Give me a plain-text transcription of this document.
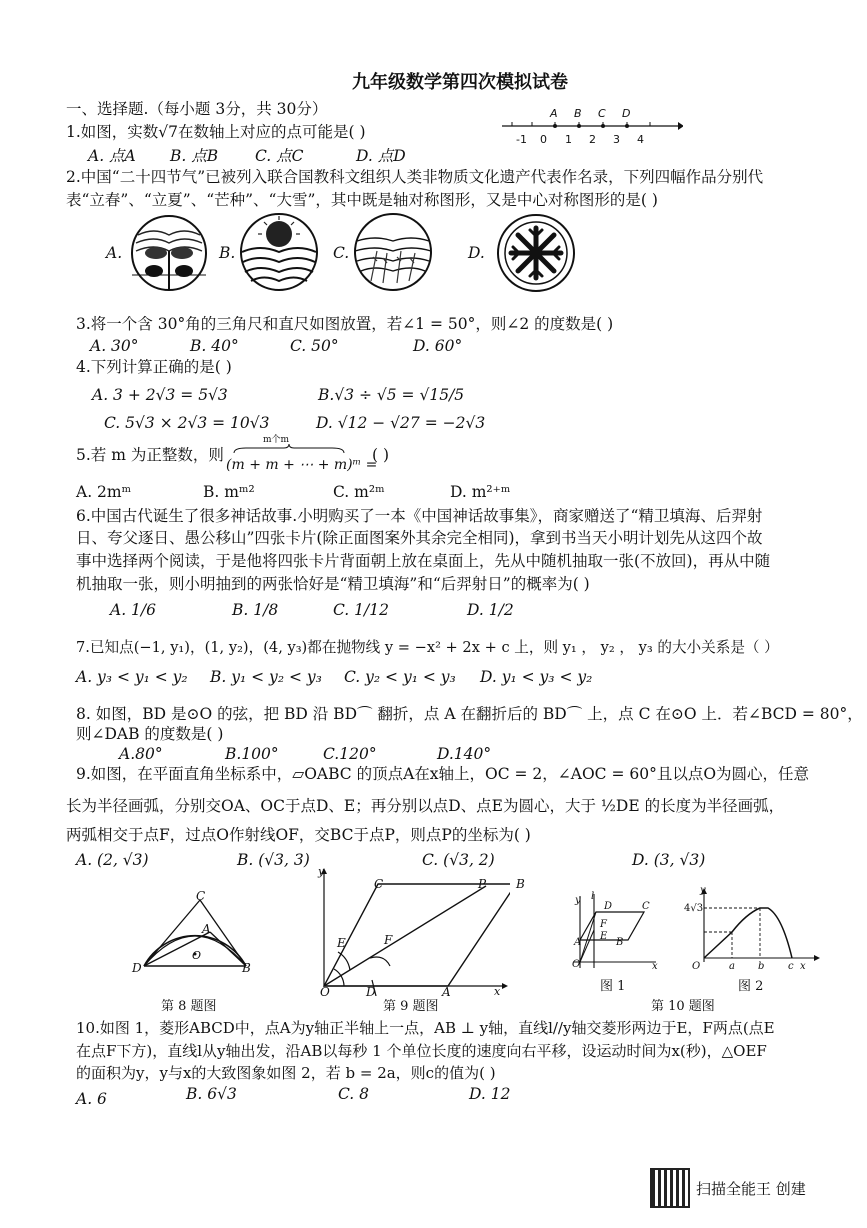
九年级数学第四次模拟试卷
一、选择题.（每小题 3分，共 30分）	A B C D
-1 0 1 2 3 4
1.如图，实数√7在数轴上对应的点可能是( )
A. 点A B. 点B C. 点C	D. 点D
2.中国“二十四节气”已被列入联合国教科文组织人类非物质文化遗产代表作名录，下列四幅作品分别代
表“立春”、“立夏”、“芒种”、“大雪”，其中既是轴对称图形，又是中心对称图形的是( )
A.	B.	C.	D.
3.将一个含 30°角的三角尺和直尺如图放置，若∠1 = 50°，则∠2 的度数是( )
A. 30°	B. 40°	C. 50°	D. 60°
4.下列计算正确的是( )
A. 3 + 2√3 = 5√3	B.√3 ÷ √5 = √15/5
C. 5√3 × 2√3 = 10√3	D. √12 − √27 = −2√3
5.若 m 为正整数，则
m个m
(m + m + ⋯ + m)ᵐ =
( )
A. 2mᵐ	B. mᵐ²	C. m²ᵐ	D. m²⁺ᵐ
6.中国古代诞生了很多神话故事.小明购买了一本《中国神话故事集》，商家赠送了“精卫填海、后羿射
日、夸父逐日、愚公移山”四张卡片(除正面图案外其余完全相同)，拿到书当天小明计划先从这四个故
事中选择两个阅读，于是他将四张卡片背面朝上放在桌面上，先从中随机抽取一张(不放回)，再从中随
机抽取一张，则小明抽到的两张恰好是“精卫填海”和“后羿射日”的概率为( )
A. 1/6	B. 1/8	C. 1/12	D. 1/2
7.已知点(−1, y₁)，(1, y₂)，(4, y₃)都在抛物线 y = −x² + 2x + c 上，则 y₁ ， y₂ ， y₃ 的大小关系是（ ）
A. y₃ < y₁ < y₂ B. y₁ < y₂ < y₃ C. y₂ < y₁ < y₃ D. y₁ < y₃ < y₂
8. 如图，BD 是⊙O 的弦，把 BD 沿 BD⌒ 翻折，点 A 在翻折后的 BD⌒ 上，点 C 在⊙O 上．若∠BCD = 80°，
则∠DAB 的度数是( )
A.80°	B.100°	C.120°	D.140°
9.如图，在平面直角坐标系中，▱OABC 的顶点A在x轴上，OC = 2，∠AOC = 60°且以点O为圆心，任意
长为半径画弧，分别交OA、OC于点D、E；再分别以点D、点E为圆心，大于 ½DE 的长度为半径画弧，
两弧相交于点F，过点O作射线OF，交BC于点P，则点P的坐标为( )
A. (2, √3)	B. (√3, 3)	C. (√3, 2)	D. (3, √3)
C
A
O
D	B
第 8 题图
y
C	P B
E	F
O	D	A	x
第 9 题图
y l
D	C
F
E
A	B
O	x
图 1
y
4√3
O	a b c x
第 10 题图
图 2
10.如图 1，菱形ABCD中，点A为y轴正半轴上一点，AB ⊥ y轴，直线l//y轴交菱形两边于E，F两点(点E
在点F下方)，直线l从y轴出发，沿AB以每秒 1 个单位长度的速度向右平移，设运动时间为x(秒)，△OEF
的面积为y，y与x的大致图象如图 2，若 b = 2a，则c的值为( )
A. 6	B. 6√3	C. 8	D. 12
扫描全能王 创建
